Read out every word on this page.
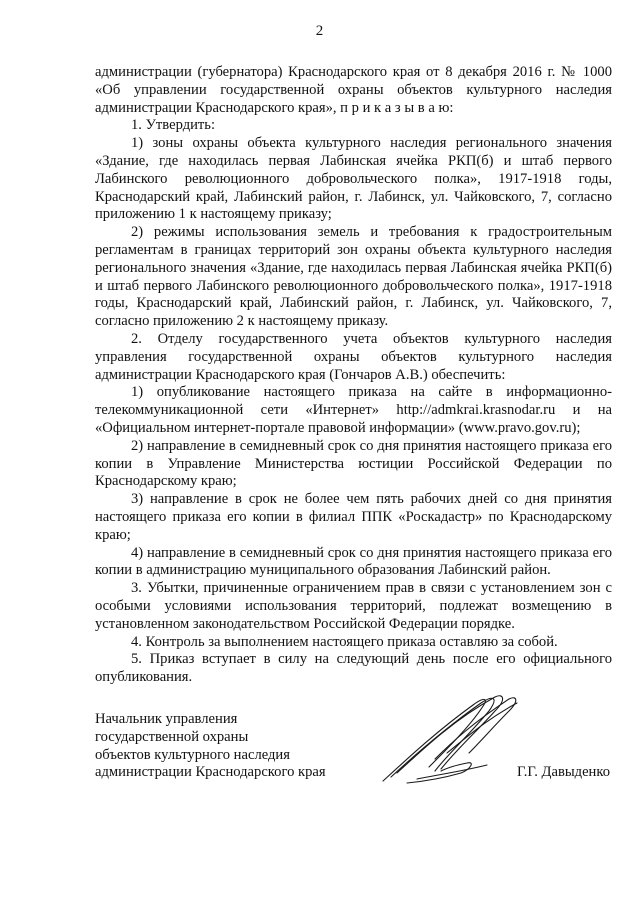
2

администрации (губернатора) Краснодарского края от 8 декабря 2016 г. № 1000 «Об управлении государственной охраны объектов культурного наследия администрации Краснодарского края», п р и к а з ы в а ю:

1. Утвердить:

1) зоны охраны объекта культурного наследия регионального значения «Здание, где находилась первая Лабинская ячейка РКП(б) и штаб первого Лабинского революционного добровольческого полка», 1917-1918 годы, Краснодарский край, Лабинский район, г. Лабинск, ул. Чайковского, 7, согласно приложению 1 к настоящему приказу;

2) режимы использования земель и требования к градостроительным регламентам в границах территорий зон охраны объекта культурного наследия регионального значения «Здание, где находилась первая Лабинская ячейка РКП(б) и штаб первого Лабинского революционного добровольческого полка», 1917-1918 годы, Краснодарский край, Лабинский район, г. Лабинск, ул. Чайковского, 7, согласно приложению 2 к настоящему приказу.

2. Отделу государственного учета объектов культурного наследия управления государственной охраны объектов культурного наследия администрации Краснодарского края (Гончаров А.В.) обеспечить:

1) опубликование настоящего приказа на сайте в информационно-телекоммуникационной сети «Интернет» http://admkrai.krasnodar.ru и на «Официальном интернет-портале правовой информации» (www.pravo.gov.ru);

2) направление в семидневный срок со дня принятия настоящего приказа его копии в Управление Министерства юстиции Российской Федерации по Краснодарскому краю;

3) направление в срок не более чем пять рабочих дней со дня принятия настоящего приказа его копии в филиал ППК «Роскадастр» по Краснодарскому краю;

4) направление в семидневный срок со дня принятия настоящего приказа его копии в администрацию муниципального образования Лабинский район.

3. Убытки, причиненные ограничением прав в связи с установлением зон с особыми условиями использования территорий, подлежат возмещению в установленном законодательством Российской Федерации порядке.

4. Контроль за выполнением настоящего приказа оставляю за собой.

5. Приказ вступает в силу на следующий день после его официального опубликования.

Начальник управления
государственной охраны
объектов культурного наследия
администрации Краснодарского края	Г.Г. Давыденко
